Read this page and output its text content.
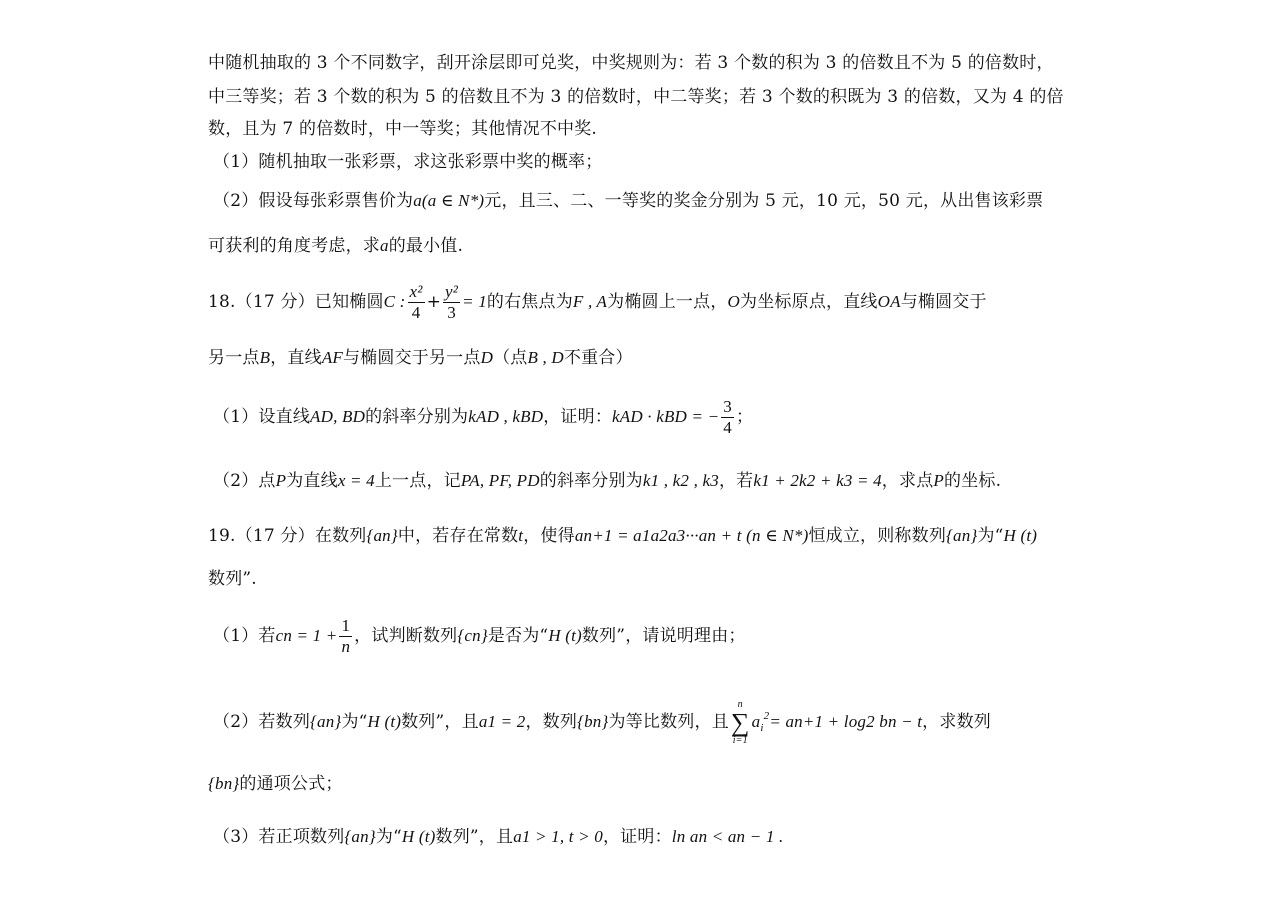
中随机抽取的 3 个不同数字，刮开涂层即可兑奖，中奖规则为：若 3 个数的积为 3 的倍数且不为 5 的倍数时，
中三等奖；若 3 个数的积为 5 的倍数且不为 3 的倍数时，中二等奖；若 3 个数的积既为 3 的倍数，又为 4 的倍
数，且为 7 的倍数时，中一等奖；其他情况不中奖.
（1）随机抽取一张彩票，求这张彩票中奖的概率；
（2）假设每张彩票售价为a(a ∈ N*)元，且三、二、一等奖的奖金分别为 5 元，10 元，50 元，从出售该彩票
可获利的角度考虑，求a的最小值.
18.（17 分）已知椭圆C : $\frac{\text{x²}}{4} + \frac{\text{y²}}{3} = 1$的右焦点为F , A为椭圆上一点，O为坐标原点，直线OA与椭圆交于
另一点B，直线AF与椭圆交于另一点D（点B , D不重合）
（1）设直线AD, BD的斜率分别为kAD , kBD，证明：kAD · kBD = − $\frac{3}{4}$ ；
（2）点P为直线x = 4上一点，记PA, PF, PD的斜率分别为k1 , k2 , k3，若k1 + 2k2 + k3 = 4，求点P的坐标.
19.（17 分）在数列{an}中，若存在常数t，使得an+1 = a1a2a3···an + t (n ∈ N*)恒成立，则称数列{an}为“H (t)
数列”.
（1）若cn = $1 + \frac{1}{n}$ ，试判断数列{cn}是否为“H (t)数列”，请说明理由；
（2）若数列{an}为“H (t)数列”，且a1 = 2，数列{bn}为等比数列，且
n
∑
i=1
$a_i^2= an+1 + \log 2$ bn − t，求数列
{bn}的通项公式；
（3）若正项数列{an}为“H (t)数列”，且a1 > 1, t > 0，证明：ln an < an − 1 .
